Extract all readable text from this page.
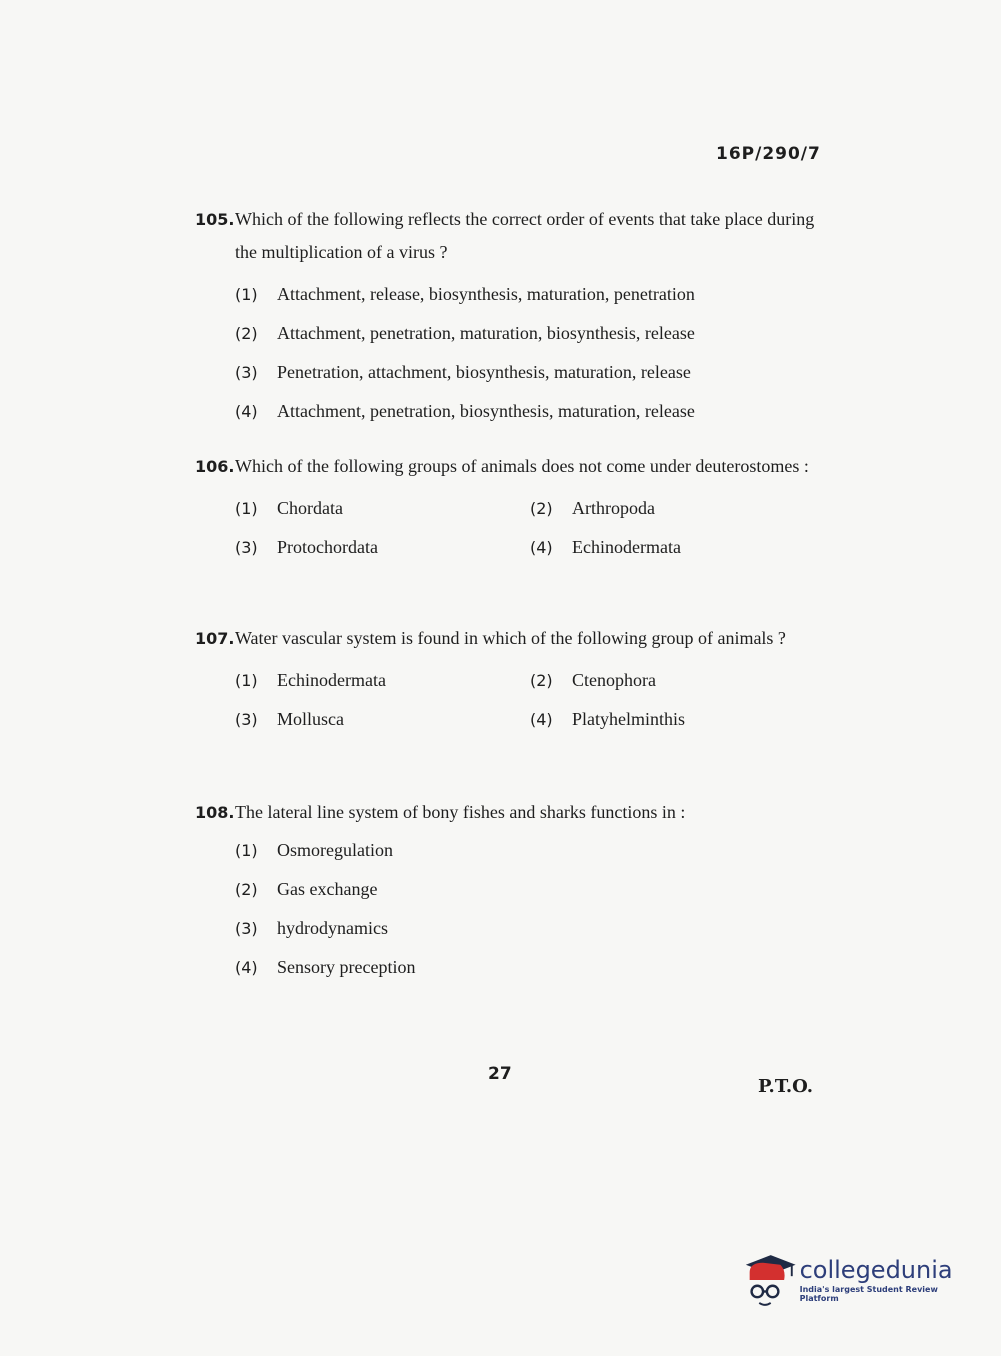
16P/290/7

105.Which of the following reflects the correct order of events that take place during the multiplication of a virus ?

(1)	Attachment, release, biosynthesis, maturation, penetration
(2)	Attachment, penetration, maturation, biosynthesis, release
(3)	Penetration, attachment, biosynthesis, maturation, release
(4)	Attachment, penetration, biosynthesis, maturation, release

106.Which of the following groups of animals does not come under deuterostomes :

(1)	Chordata	(2)	Arthropoda
(3)	Protochordata	(4)	Echinodermata

107.Water vascular system is found in which of the following group of animals ?

(1)	Echinodermata	(2)	Ctenophora
(3)	Mollusca	(4)	Platyhelminthis

108.The lateral line system of bony fishes and sharks functions in :

(1)	Osmoregulation
(2)	Gas exchange
(3)	hydrodynamics
(4)	Sensory preception
27
P.T.O.
collegedunia
India's largest Student Review Platform
